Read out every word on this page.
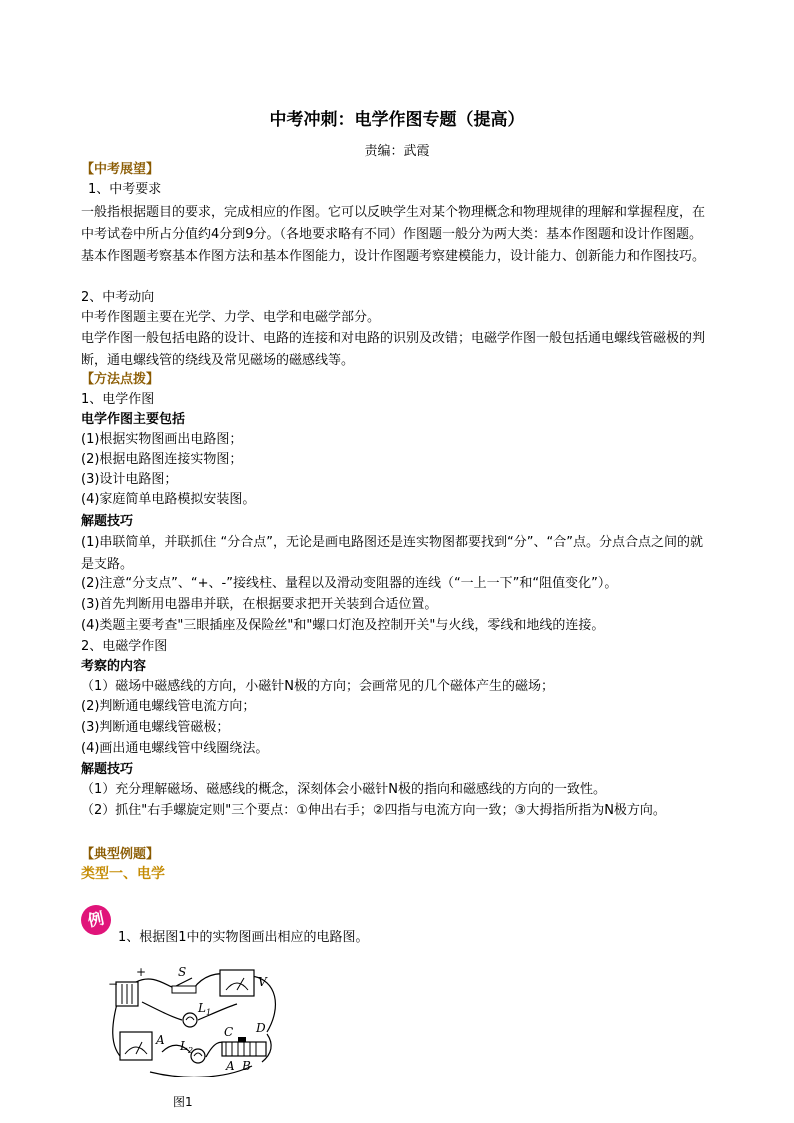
中考冲刺：电学作图专题（提高）
责编：武霞
【中考展望】
1、中考要求
一般指根据题目的要求，完成相应的作图。它可以反映学生对某个物理概念和物理规律的理解和掌握程度，在中考试卷中所占分值约4分到9分。（各地要求略有不同）作图题一般分为两大类：基本作图题和设计作图题。基本作图题考察基本作图方法和基本作图能力，设计作图题考察建模能力，设计能力、创新能力和作图技巧。
2、中考动向
中考作图题主要在光学、力学、电学和电磁学部分。
电学作图一般包括电路的设计、电路的连接和对电路的识别及改错；电磁学作图一般包括通电螺线管磁极的判断，通电螺线管的绕线及常见磁场的磁感线等。
【方法点拨】
1、电学作图
电学作图主要包括
(1)根据实物图画出电路图；
(2)根据电路图连接实物图；
(3)设计电路图；
(4)家庭简单电路模拟安装图。
解题技巧
(1)串联简单，并联抓住 “分合点”，无论是画电路图还是连实物图都要找到“分”、“合”点。分点合点之间的就是支路。
(2)注意“分支点”、“+、-”接线柱、量程以及滑动变阻器的连线（“一上一下”和“阻值变化”）。
(3)首先判断用电器串并联，在根据要求把开关装到合适位置。
(4)类题主要考查"三眼插座及保险丝"和"螺口灯泡及控制开关"与火线，零线和地线的连接。
2、电磁学作图
考察的内容
（1）磁场中磁感线的方向，小磁针N极的方向；会画常见的几个磁体产生的磁场；
(2)判断通电螺线管电流方向；
(3)判断通电螺线管磁极；
(4)画出通电螺线管中线圈绕法。
解题技巧
（1）充分理解磁场、磁感线的概念，深刻体会小磁针N极的指向和磁感线的方向的一致性。
（2）抓住"右手螺旋定则"三个要点：①伸出右手；②四指与电流方向一致；③大拇指所指为N极方向。
【典型例题】
类型一、电学
例
1、根据图1中的实物图画出相应的电路图。
−
+	S
V
L 1
A L 2
C D
A B
图1
